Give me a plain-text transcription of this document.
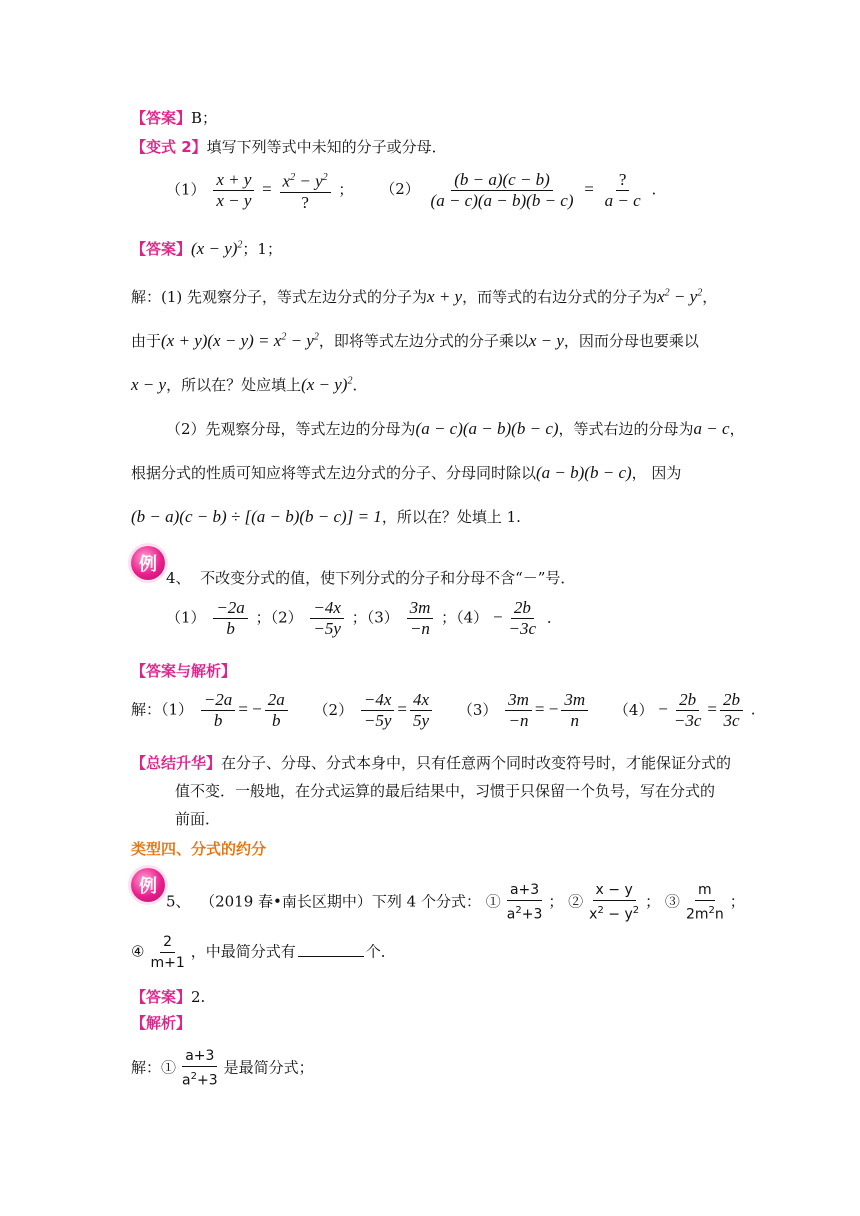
【答案】B；
【变式 2】填写下列等式中未知的分子或分母．
$(1) \frac{x + y}{x - y} = \frac{x^2 - y^2}{?}$ ； $(2) \frac{(b - a)(c - b)}{(a - c)(a - b)(b - c)} = \frac{?}{a - c}$ .
【答案】$(x - y)^2$；1；
解：(1) 先观察分子，等式左边分式的分子为x + y，而等式的右边分式的分子为$x^2 - y^2$，
由于$(x + y)(x - y) = x^2 - y^2$，即将等式左边分式的分子乘以x − y，因而分母也要乘以
x − y，所以在？处应填上$(x - y)^2$．
（2）先观察分母，等式左边的分母为(a − c)(a − b)(b − c)，等式右边的分母为a − c，
根据分式的性质可知应将等式左边分式的分子、分母同时除以(a − b)(b − c)， 因为
(b − a)(c − b) ÷ [(a − b)(b − c)] = 1，所以在？处填上 1.
例
4、 不改变分式的值，使下列分式的分子和分母不含“－”号．
$(1) \frac{-2a}{b}$ ；$(2) \frac{-4x}{-5y}$ ；$(3) \frac{3m}{-n}$ ；$(4) - \frac{2b}{-3c}$ ．
【答案与解析】
解：$(1) \frac{-2a}{b}$ = − $\frac{2a}{b} (2) \frac{-4x}{-5y} = \frac{4x}{5y} (3) \frac{3m}{-n}$ = − $\frac{3m}{n} (4) - \frac{2b}{-3c} = \frac{2b}{3c}$ .
【总结升华】在分子、分母、分式本身中，只有任意两个同时改变符号时，才能保证分式的
值不变．一般地，在分式运算的最后结果中，习惯于只保留一个负号，写在分式的
前面．
类型四、分式的约分
例
5、 （2019 春•南长区期中）下列 4 个分式： ① $\frac{a+3}{a^2+3}$ ； ② $\frac{x - y}{x^2 - y^2}$ ； ③ $\frac{m}{2m^2n}$ ；
④ $\frac{2}{m+1}$ ，中最简分式有	个．
【答案】2.
【解析】
解：① $\frac{a+3}{a^2+3}$ 是最简分式；
